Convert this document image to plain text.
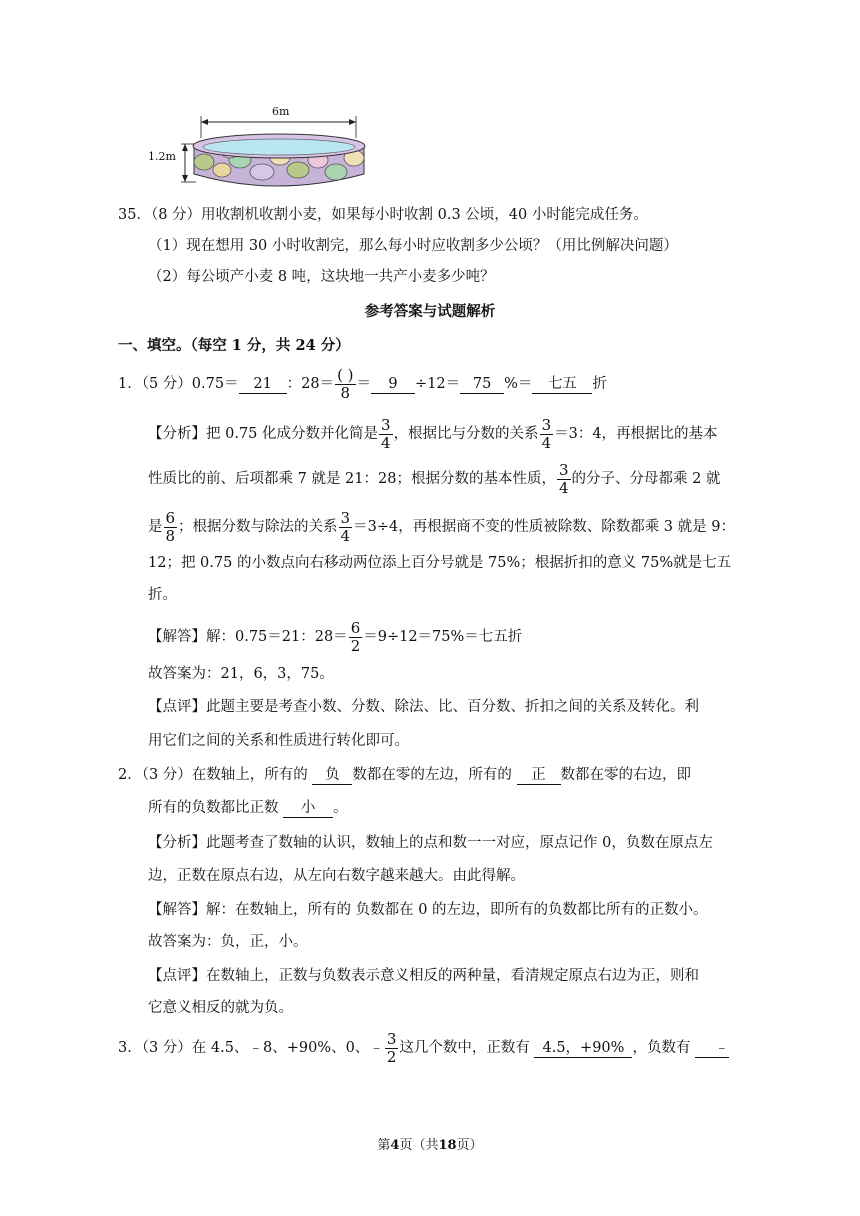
6m
1.2m
35．（8 分）用收割机收割小麦，如果每小时收割 0.3 公顷，40 小时能完成任务。
（1）现在想用 30 小时收割完，那么每小时应收割多少公顷？（用比例解决问题）
（2）每公顷产小麦 8 吨，这块地一共产小麦多少吨？
参考答案与试题解析
一、填空。（每空 1 分，共 24 分）
1．（5 分）0.75＝ 21 ：$28= \frac{( )}{8} = 9 \div 12= 75$ %＝ 七五 折
【分析】把 0.75 化成分数并化简是 $\frac{3}{4}$ ，根据比与分数的关系 $\frac{3}{4} =3$：4，再根据比的基本
性质比的前、后项都乘 7 就是 21：28；根据分数的基本性质， $\frac{3}{4}$ 的分子、分母都乘 2 就
是 $\frac{6}{8}$ ；根据分数与除法的关系 $\frac{3}{4} =3\div 4$，再根据商不变的性质被除数、除数都乘 3 就是 9：
12；把 0.75 的小数点向右移动两位添上百分号就是 75%；根据折扣的意义 75%就是七五
折。
【解答】解：0.75＝21：$28= \frac{6}{2} =9\div 12=75\%=$七五折
故答案为：21，6，3，75。
【点评】此题主要是考查小数、分数、除法、比、百分数、折扣之间的关系及转化。利
用它们之间的关系和性质进行转化即可。
2．（3 分）在数轴上，所有的 负 数都在零的左边，所有的 正 数都在零的右边，即
所有的负数都比正数 小 。
【分析】此题考查了数轴的认识，数轴上的点和数一一对应，原点记作 0，负数在原点左
边，正数在原点右边，从左向右数字越来越大。由此得解。
【解答】解：在数轴上，所有的 负数都在 0 的左边，即所有的负数都比所有的正数小。
故答案为：负，正，小。
【点评】在数轴上，正数与负数表示意义相反的两种量，看清规定原点右边为正，则和
它意义相反的就为负。
3．（3 分）在 4.5、﹣8、+90%、0、﹣ $\frac{3}{2}$ 这几个数中，正数有 4.5，+90% ，负数有 ﹣
第4页（共18页）
